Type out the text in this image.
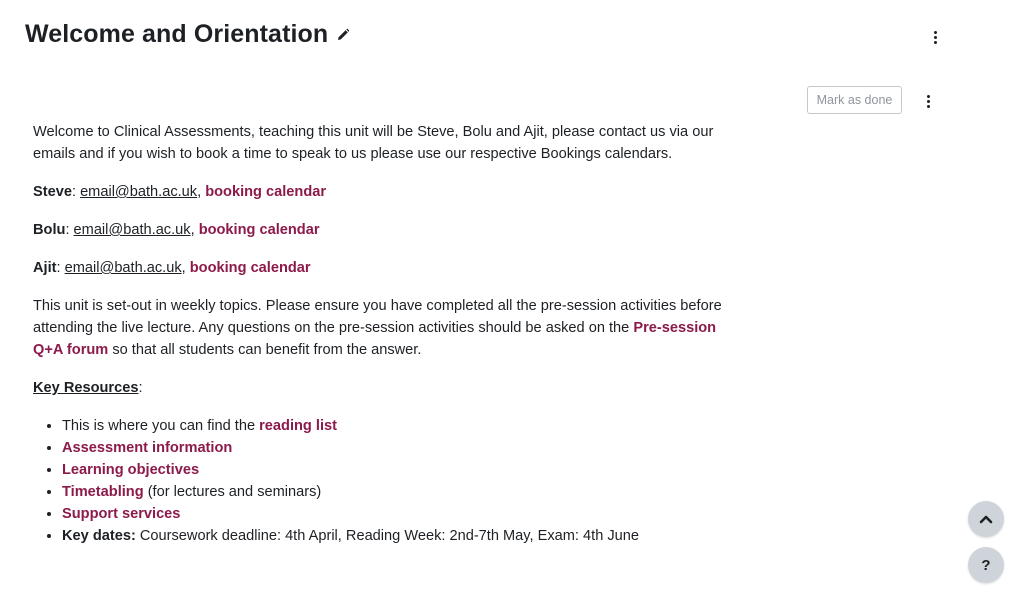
Welcome and Orientation
Mark as done

Welcome to Clinical Assessments, teaching this unit will be Steve, Bolu and Ajit, please contact us via our emails and if you wish to book a time to speak to us please use our respective Bookings calendars.

Steve: email@bath.ac.uk, booking calendar

Bolu: email@bath.ac.uk, booking calendar

Ajit: email@bath.ac.uk, booking calendar

This unit is set-out in weekly topics. Please ensure you have completed all the pre-session activities before attending the live lecture. Any questions on the pre-session activities should be asked on the Pre-session Q+A forum so that all students can benefit from the answer.

Key Resources:

• This is where you can find the reading list
• Assessment information
• Learning objectives
• Timetabling (for lectures and seminars)
• Support services
• Key dates: Coursework deadline: 4th April, Reading Week: 2nd-7th May, Exam: 4th June
?
